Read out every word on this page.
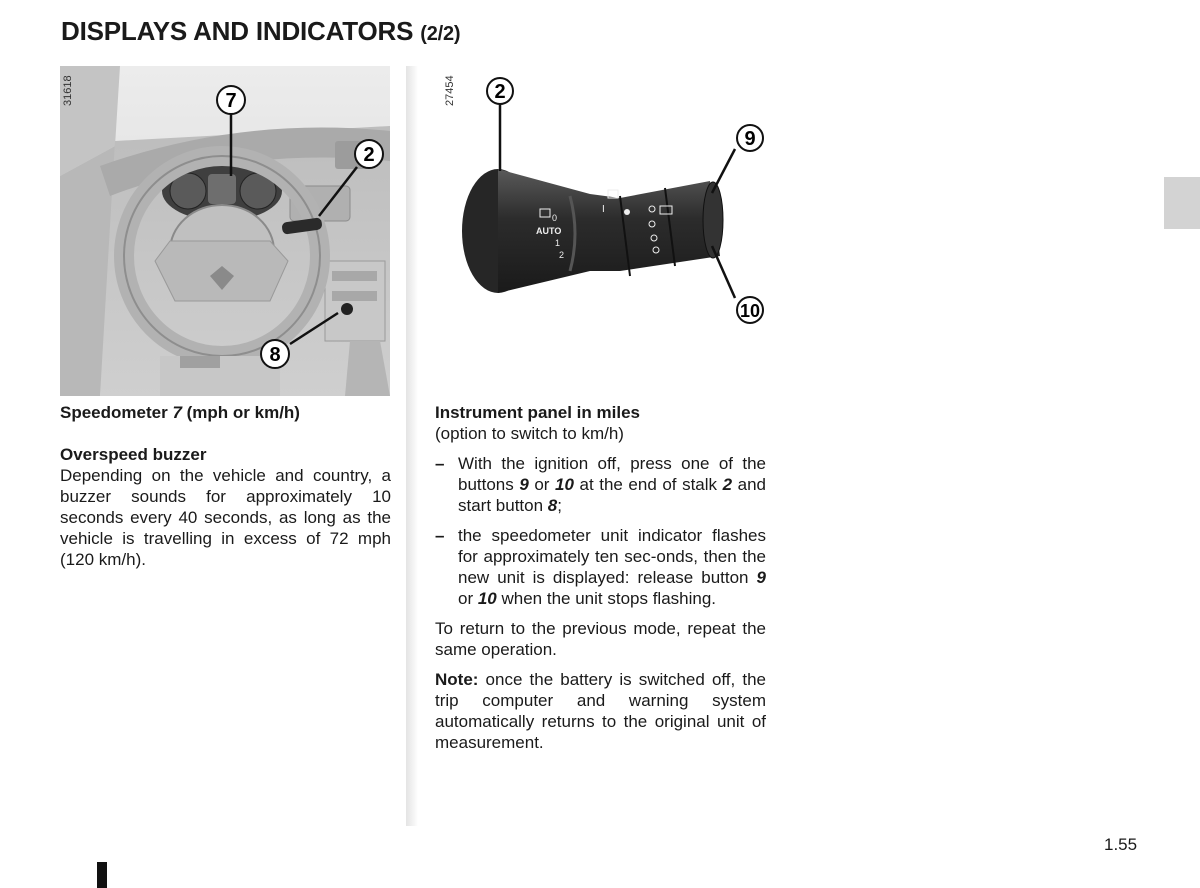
DISPLAYS AND INDICATORS (2/2)
7
2
8
31618
AUTO
0
1
2
I
2
9
10
27454

Speedometer 7 (mph or km/h)

Overspeed buzzer

Depending on the vehicle and country, a buzzer sounds for approximately 10 seconds every 40 seconds, as long as the vehicle is travelling in excess of 72 mph (120 km/h).

Instrument panel in miles

(option to switch to km/h)

– With the ignition off, press one of the buttons 9 or 10 at the end of stalk 2 and start button 8;
– the speedometer unit indicator flashes for approximately ten sec-onds, then the new unit is displayed: release button 9 or 10 when the unit stops flashing.

To return to the previous mode, repeat the same operation.

Note: once the battery is switched off, the trip computer and warning system automatically returns to the original unit of measurement.

1.55
